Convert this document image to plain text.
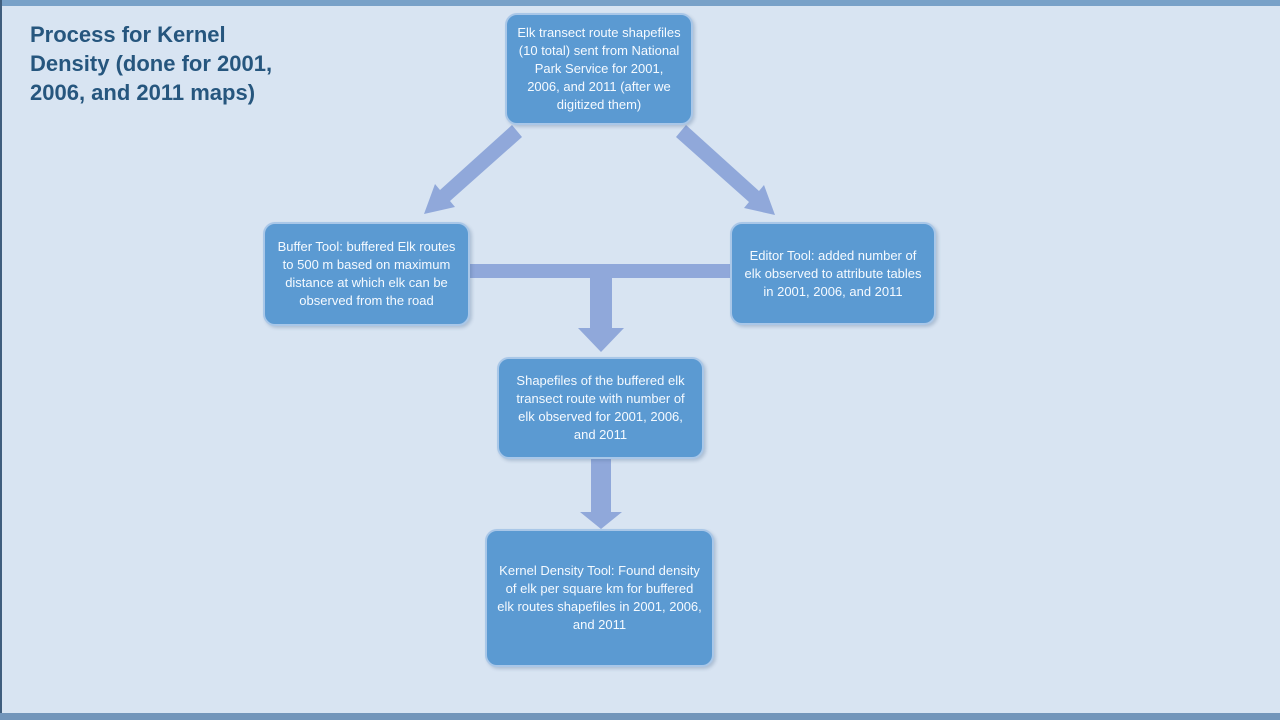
Process for Kernel
Density (done for 2001,
2006, and 2011 maps)
Elk transect route shapefiles (10 total) sent from National Park Service for 2001, 2006, and 2011 (after we digitized them)
Buffer Tool: buffered Elk routes to 500 m based on maximum distance at which elk can be observed from the road
Editor Tool: added number of elk observed to attribute tables in 2001, 2006, and 2011
Shapefiles of the buffered elk transect route with number of elk observed for 2001, 2006, and 2011
Kernel Density Tool: Found density of elk per square km for buffered elk routes shapefiles in 2001, 2006, and 2011
